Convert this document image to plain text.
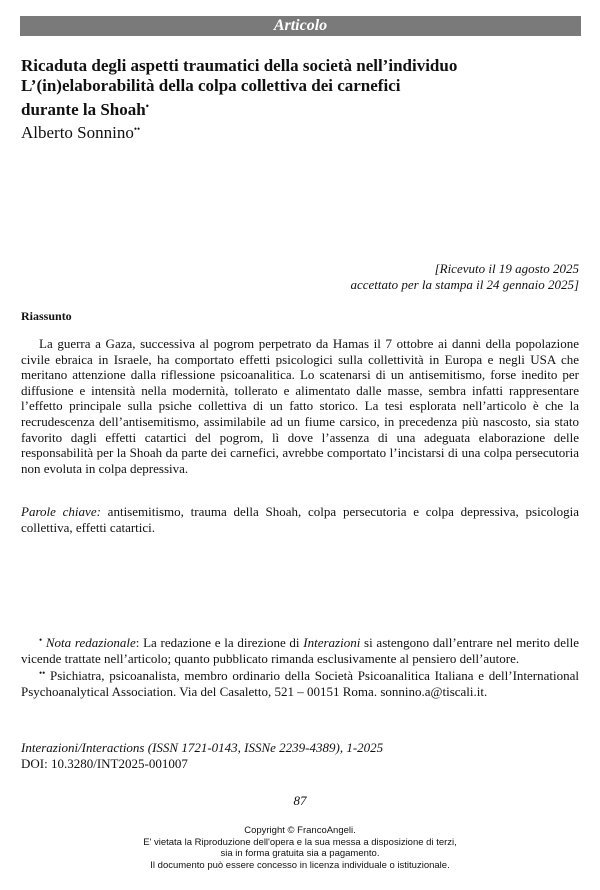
Articolo
Ricaduta degli aspetti traumatici della società nell’individuo
L’(in)elaborabilità della colpa collettiva dei carnefici
durante la Shoah•
Alberto Sonnino••
[Ricevuto il 19 agosto 2025
accettato per la stampa il 24 gennaio 2025]
Riassunto

La guerra a Gaza, successiva al pogrom perpetrato da Hamas il 7 ottobre ai danni della popolazione civile ebraica in Israele, ha comportato effetti psicologici sulla collettività in Europa e negli USA che meritano attenzione dalla riflessione psicoanalitica. Lo scatenarsi di un antisemitismo, forse inedito per diffusione e intensità nella modernità, tollerato e alimentato dalle masse, sembra infatti rappresentare l’effetto principale sulla psiche collettiva di un fatto storico. La tesi esplorata nell’articolo è che la recrudescenza dell’antisemitismo, assimilabile ad un fiume carsico, in precedenza più nascosto, sia stato favorito dagli effetti catartici del pogrom, lì dove l’assenza di una adeguata elaborazione delle responsabilità per la Shoah da parte dei carnefici, avrebbe comportato l’incistarsi di una colpa persecutoria non evoluta in colpa depressiva.

Parole chiave: antisemitismo, trauma della Shoah, colpa persecutoria e colpa depressiva, psicologia collettiva, effetti catartici.

• Nota redazionale: La redazione e la direzione di Interazioni si astengono dall’entrare nel merito delle vicende trattate nell’articolo; quanto pubblicato rimanda esclusivamente al pensiero dell’autore.

•• Psichiatra, psicoanalista, membro ordinario della Società Psicoanalitica Italiana e dell’International Psychoanalytical Association. Via del Casaletto, 521 – 00151 Roma. sonnino.a@tiscali.it.

Interazioni/Interactions (ISSN 1721-0143, ISSNe 2239-4389), 1-2025
DOI: 10.3280/INT2025-001007
87
Copyright © FrancoAngeli.
E' vietata la Riproduzione dell'opera e la sua messa a disposizione di terzi,
sia in forma gratuita sia a pagamento.
Il documento può essere concesso in licenza individuale o istituzionale.
